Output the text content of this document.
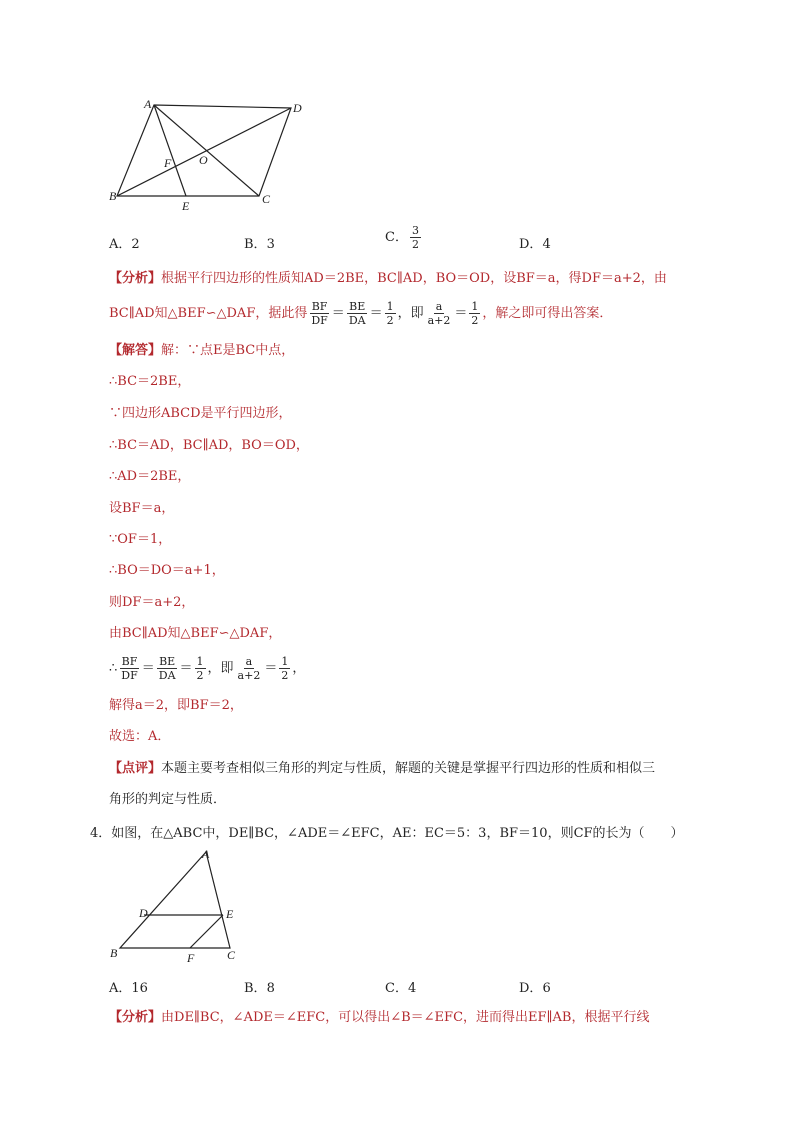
A	D
B	C
E
F O
A．2	B．3	C． $\frac{3}{2}$	D．4
【分析】根据平行四边形的性质知AD＝2BE，BC∥AD，BO＝OD，设BF＝a，得DF＝a+2，由
BC∥AD知△BEF∽△DAF，据此得 $\frac{BF}{DF} = \frac{BE}{DA} = \frac{1}{2}$ ，即 $\frac{a}{a+2} = \frac{1}{2}$ ，解之即可得出答案．
【解答】解：∵点E是BC中点，
∴BC＝2BE，
∵四边形ABCD是平行四边形，
∴BC＝AD，BC∥AD，BO＝OD，
∴AD＝2BE，
设BF＝a，
∵OF＝1，
∴BO＝DO＝a+1，
则DF＝a+2，
由BC∥AD知△BEF∽△DAF，
∴ $\frac{BF}{DF} = \frac{BE}{DA} = \frac{1}{2}$ ，即 $\frac{a}{a+2} = \frac{1}{2}$ ，
解得a＝2，即BF＝2，
故选：A．
【点评】本题主要考查相似三角形的判定与性质，解题的关键是掌握平行四边形的性质和相似三
角形的判定与性质．
4．如图，在△ABC中，DE∥BC，∠ADE＝∠EFC，AE：EC＝5：3，BF＝10，则CF的长为（　　）
A
D	E
B	F	C
A．16	B．8	C．4	D．6
【分析】由DE∥BC，∠ADE＝∠EFC，可以得出∠B＝∠EFC，进而得出EF∥AB，根据平行线
